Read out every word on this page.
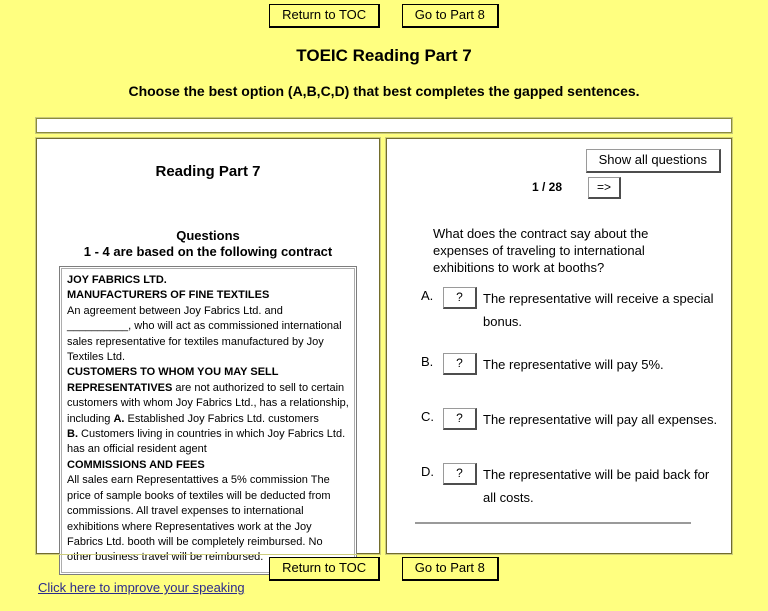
Return to TOC	Go to Part 8
TOEIC Reading Part 7
Choose the best option (A,B,C,D) that best completes the gapped sentences.
Reading Part 7
Questions
1 - 4 are based on the following contract

JOY FABRICS LTD.

MANUFACTURERS OF FINE TEXTILES

An agreement between Joy Fabrics Ltd. and __________, who will act as commissioned international sales representative for textiles manufactured by Joy Textiles Ltd.

CUSTOMERS TO WHOM YOU MAY SELL

REPRESENTATIVES are not authorized to sell to certain customers with whom Joy Fabrics Ltd., has a relationship, including A. Established Joy Fabrics Ltd. customers

B. Customers living in countries in which Joy Fabrics Ltd. has an official resident agent

COMMISSIONS AND FEES

All sales earn Representattives a 5% commission The price of sample books of textiles will be deducted from commissions. All travel expenses to international exhibitions where Representatives work at the Joy Fabrics Ltd. booth will be completely reimbursed. No other business travel will be reimbursed.

Show all questions
1 / 28	=>
What does the contract say about the expenses of traveling to international exhibitions to work at booths?
A.	?	The representative will receive a special bonus.
B.	?	The representative will pay 5%.
C.	?	The representative will pay all expenses.
D.	?	The representative will be paid back for all costs.
Return to TOC	Go to Part 8
Click here to improve your speaking
